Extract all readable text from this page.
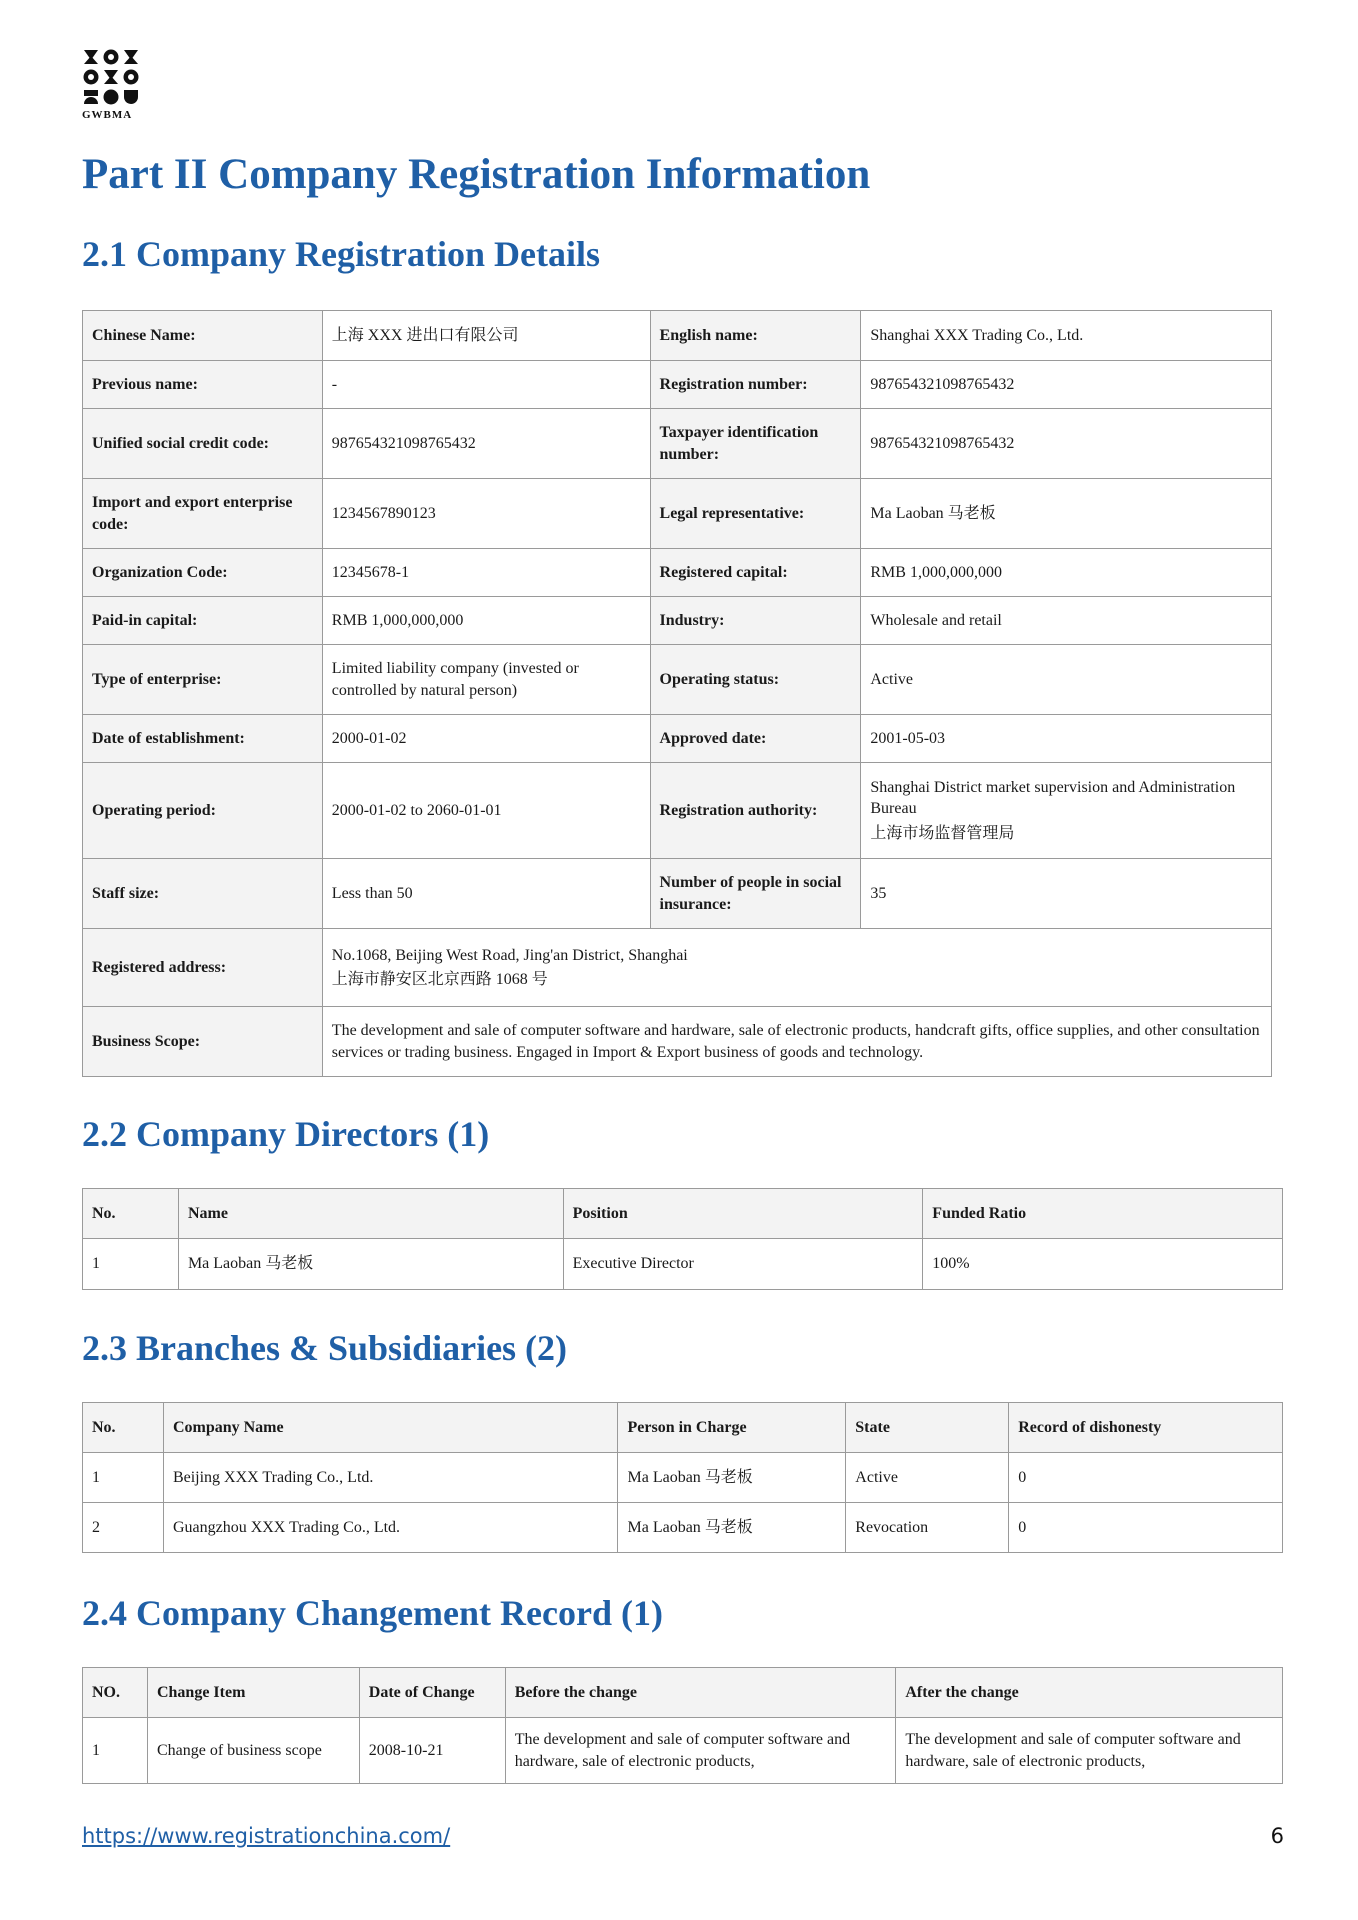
GWBMA
Part II Company Registration Information
2.1 Company Registration Details
Chinese Name:	上海 XXX 进出口有限公司	English name:	Shanghai XXX Trading Co., Ltd.

Previous name:	-	Registration number:	987654321098765432

Unified social credit code:	987654321098765432	Taxpayer identification number:	987654321098765432

Import and export enterprise code:	1234567890123	Legal representative:	Ma Laoban 马老板

Organization Code:	12345678-1	Registered capital:	RMB 1,000,000,000

Paid-in capital:	RMB 1,000,000,000	Industry:	Wholesale and retail

Type of enterprise:	Limited liability company (invested or controlled by natural person)	Operating status:	Active

Date of establishment:	2000-01-02	Approved date:	2001-05-03

Operating period:	2000-01-02 to 2060-01-01	Registration authority:	Shanghai District market supervision and Administration Bureau
上海市场监督管理局

Staff size:	Less than 50	Number of people in social insurance:	35

Registered address:	No.1068, Beijing West Road, Jing'an District, Shanghai
上海市静安区北京西路 1068 号		

Business Scope:	The development and sale of computer software and hardware, sale of electronic products, handcraft gifts, office supplies, and other consultation services or trading business. Engaged in Import & Export business of goods and technology.		
2.2 Company Directors (1)
No.	Name	Position	Funded Ratio
1	Ma Laoban 马老板	Executive Director	100%
2.3 Branches & Subsidiaries (2)
No.	Company Name	Person in Charge	State	Record of dishonesty
1	Beijing XXX Trading Co., Ltd.	Ma Laoban 马老板	Active	0
2	Guangzhou XXX Trading Co., Ltd.	Ma Laoban 马老板	Revocation	0
2.4 Company Changement Record (1)
NO.	Change Item	Date of Change	Before the change	After the change
1	Change of business scope	2008-10-21	The development and sale of computer software and hardware, sale of electronic products,	The development and sale of computer software and hardware, sale of electronic products,
https://www.registrationchina.com/	6
